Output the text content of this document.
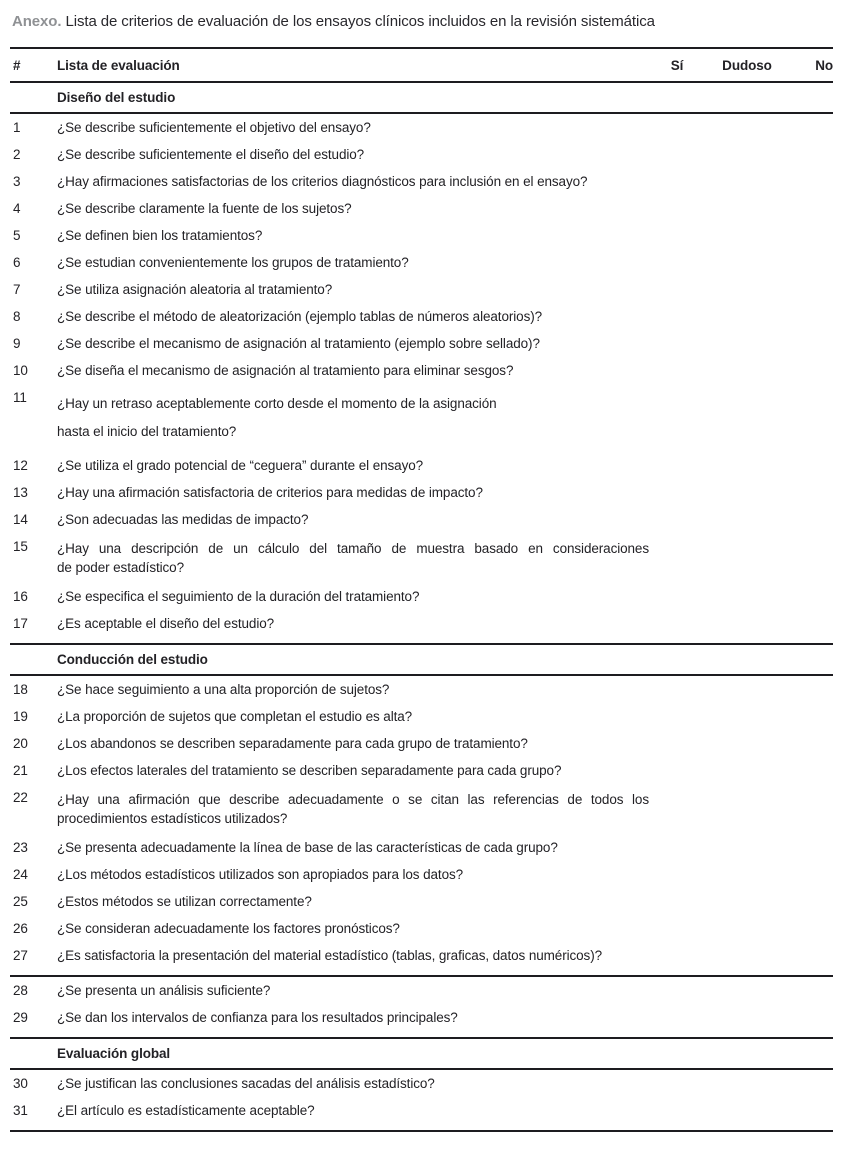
Anexo. Lista de criterios de evaluación de los ensayos clínicos incluidos en la revisión sistemática
#	Lista de evaluación	Sí	Dudoso	No
Diseño del estudio
1	¿Se describe suficientemente el objetivo del ensayo?
2	¿Se describe suficientemente el diseño del estudio?
3	¿Hay afirmaciones satisfactorias de los criterios diagnósticos para inclusión en el ensayo?
4	¿Se describe claramente la fuente de los sujetos?
5	¿Se definen bien los tratamientos?
6	¿Se estudian convenientemente los grupos de tratamiento?
7	¿Se utiliza asignación aleatoria al tratamiento?
8	¿Se describe el método de aleatorización (ejemplo tablas de números aleatorios)?
9	¿Se describe el mecanismo de asignación al tratamiento (ejemplo sobre sellado)?
10	¿Se diseña el mecanismo de asignación al tratamiento para eliminar sesgos?
11	¿Hay un retraso aceptablemente corto desde el momento de la asignación
hasta el inicio del tratamiento?
12	¿Se utiliza el grado potencial de “ceguera” durante el ensayo?
13	¿Hay una afirmación satisfactoria de criterios para medidas de impacto?
14	¿Son adecuadas las medidas de impacto?
15	¿Hay una descripción de un cálculo del tamaño de muestra basado en consideraciones
de poder estadístico?
16	¿Se especifica el seguimiento de la duración del tratamiento?
17	¿Es aceptable el diseño del estudio?
Conducción del estudio
18	¿Se hace seguimiento a una alta proporción de sujetos?
19	¿La proporción de sujetos que completan el estudio es alta?
20	¿Los abandonos se describen separadamente para cada grupo de tratamiento?
21	¿Los efectos laterales del tratamiento se describen separadamente para cada grupo?
22	¿Hay una afirmación que describe adecuadamente o se citan las referencias de todos los
procedimientos estadísticos utilizados?
23	¿Se presenta adecuadamente la línea de base de las características de cada grupo?
24	¿Los métodos estadísticos utilizados son apropiados para los datos?
25	¿Estos métodos se utilizan correctamente?
26	¿Se consideran adecuadamente los factores pronósticos?
27	¿Es satisfactoria la presentación del material estadístico (tablas, graficas, datos numéricos)?
28	¿Se presenta un análisis suficiente?
29	¿Se dan los intervalos de confianza para los resultados principales?
Evaluación global
30	¿Se justifican las conclusiones sacadas del análisis estadístico?
31	¿El artículo es estadísticamente aceptable?
